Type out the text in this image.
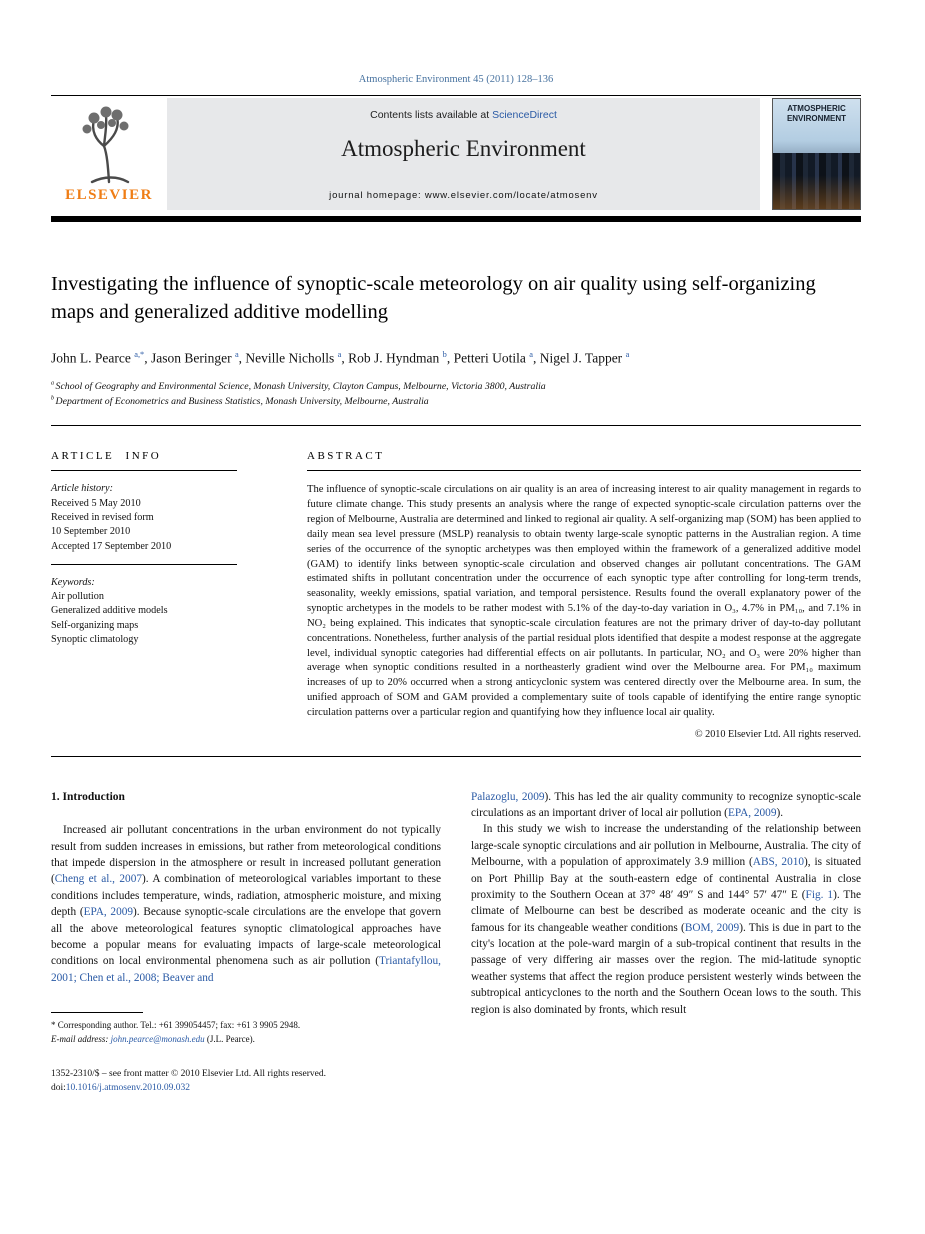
Atmospheric Environment 45 (2011) 128–136
ELSEVIER
Contents lists available at ScienceDirect
Atmospheric Environment
journal homepage: www.elsevier.com/locate/atmosenv
ATMOSPHERIC
ENVIRONMENT
Investigating the influence of synoptic-scale meteorology on air quality using self-organizing maps and generalized additive modelling
John L. Pearce $^{a,*}$, Jason Beringer $^a$, Neville Nicholls $^a$, Rob J. Hyndman $^b$, Petteri Uotila $^a$, Nigel J. Tapper $^a$
$^a$ School of Geography and Environmental Science, Monash University, Clayton Campus, Melbourne, Victoria 3800, Australia
$^b$ Department of Econometrics and Business Statistics, Monash University, Melbourne, Australia
ARTICLE INFO
Article history:
Received 5 May 2010
Received in revised form
10 September 2010
Accepted 17 September 2010
Keywords:
Air pollution
Generalized additive models
Self-organizing maps
Synoptic climatology
ABSTRACT
The influence of synoptic-scale circulations on air quality is an area of increasing interest to air quality management in regards to future climate change. This study presents an analysis where the range of expected synoptic-scale circulation patterns over the region of Melbourne, Australia are determined and linked to regional air quality. A self-organizing map (SOM) has been applied to daily mean sea level pressure (MSLP) reanalysis to obtain twenty large-scale synoptic patterns in the Australian region. A time series of the occurrence of the synoptic archetypes was then employed within the framework of a generalized additive model (GAM) to identify links between synoptic-scale circulation and observed changes air pollutant concentrations. The GAM estimated shifts in pollutant concentration under the occurrence of each synoptic type after controlling for long-term trends, seasonality, weekly emissions, spatial variation, and temporal persistence. Results found the overall explanatory power of the synoptic archetypes in the models to be rather modest with 5.1% of the day-to-day variation in O₃, 4.7% in PM₁₀, and 7.1% in NO₂ being explained. This indicates that synoptic-scale circulation features are not the primary driver of day-to-day pollutant concentrations. Nonetheless, further analysis of the partial residual plots identified that despite a modest response at the aggregate level, individual synoptic categories had differential effects on air pollutants. In particular, NO₂ and O₃ were 20% higher than average when synoptic conditions resulted in a northeasterly gradient wind over the Melbourne area. For PM₁₀ maximum increases of up to 20% occurred when a strong anticyclonic system was centered directly over the Melbourne area. In sum, the unified approach of SOM and GAM provided a complementary suite of tools capable of identifying the entire range synoptic circulation patterns over a particular region and quantifying how they influence local air quality.
© 2010 Elsevier Ltd. All rights reserved.
1. Introduction
Increased air pollutant concentrations in the urban environment do not typically result from sudden increases in emissions, but rather from meteorological conditions that impede dispersion in the atmosphere or result in increased pollutant generation (Cheng et al., 2007). A combination of meteorological variables important to these conditions includes temperature, winds, radiation, atmospheric moisture, and mixing depth (EPA, 2009). Because synoptic-scale circulations are the envelope that govern all the above meteorological features synoptic climatological approaches have become a popular means for evaluating impacts of large-scale meteorological conditions on local environmental phenomena such as air pollution (Triantafyllou, 2001; Chen et al., 2008; Beaver and
* Corresponding author. Tel.: +61 399054457; fax: +61 3 9905 2948.
E-mail address: john.pearce@monash.edu (J.L. Pearce).
1352-2310/$ – see front matter © 2010 Elsevier Ltd. All rights reserved.
doi:10.1016/j.atmosenv.2010.09.032
Palazoglu, 2009). This has led the air quality community to recognize synoptic-scale circulations as an important driver of local air pollution (EPA, 2009).
In this study we wish to increase the understanding of the relationship between large-scale synoptic circulations and air pollution in Melbourne, Australia. The city of Melbourne, with a population of approximately 3.9 million (ABS, 2010), is situated on Port Phillip Bay at the south-eastern edge of continental Australia in close proximity to the Southern Ocean at 37° 48′ 49″ S and 144° 57′ 47″ E (Fig. 1). The climate of Melbourne can best be described as moderate oceanic and the city is famous for its changeable weather conditions (BOM, 2009). This is due in part to the city's location at the pole-ward margin of a sub-tropical continent that results in the passage of very differing air masses over the region. The mid-latitude synoptic weather systems that affect the region produce persistent westerly winds between the subtropical anticyclones to the north and the Southern Ocean lows to the south. This region is also dominated by fronts, which result
